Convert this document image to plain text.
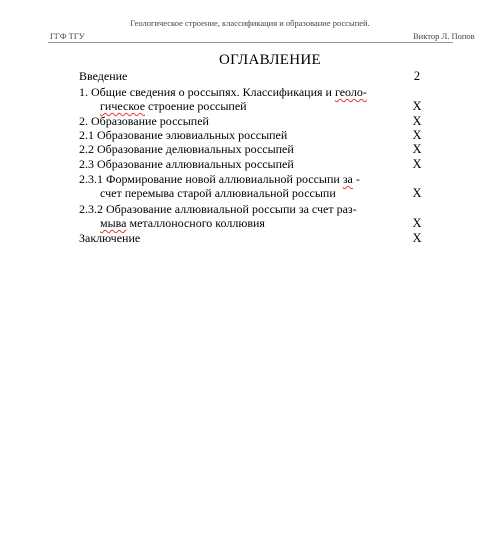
Геологическое строение, классификация и образование россыпей.
ГГФ ТГУ	Виктор Л. Попов
ОГЛАВЛЕНИЕ
Введение	2
1. Общие сведения о россыпях. Классификация и геоло-
гическое строение россыпей	Х
2. Образование россыпей	Х
2.1 Образование элювиальных россыпей	Х
2.2 Образование делювиальных россыпей	Х
2.3 Образование аллювиальных россыпей	Х
2.3.1 Формирование новой аллювиальной россыпи за -
счет перемыва старой аллювиальной россыпи	Х
2.3.2 Образование аллювиальной россыпи за счет раз-
мыва металлоносного коллювия	Х
Заключение	Х
